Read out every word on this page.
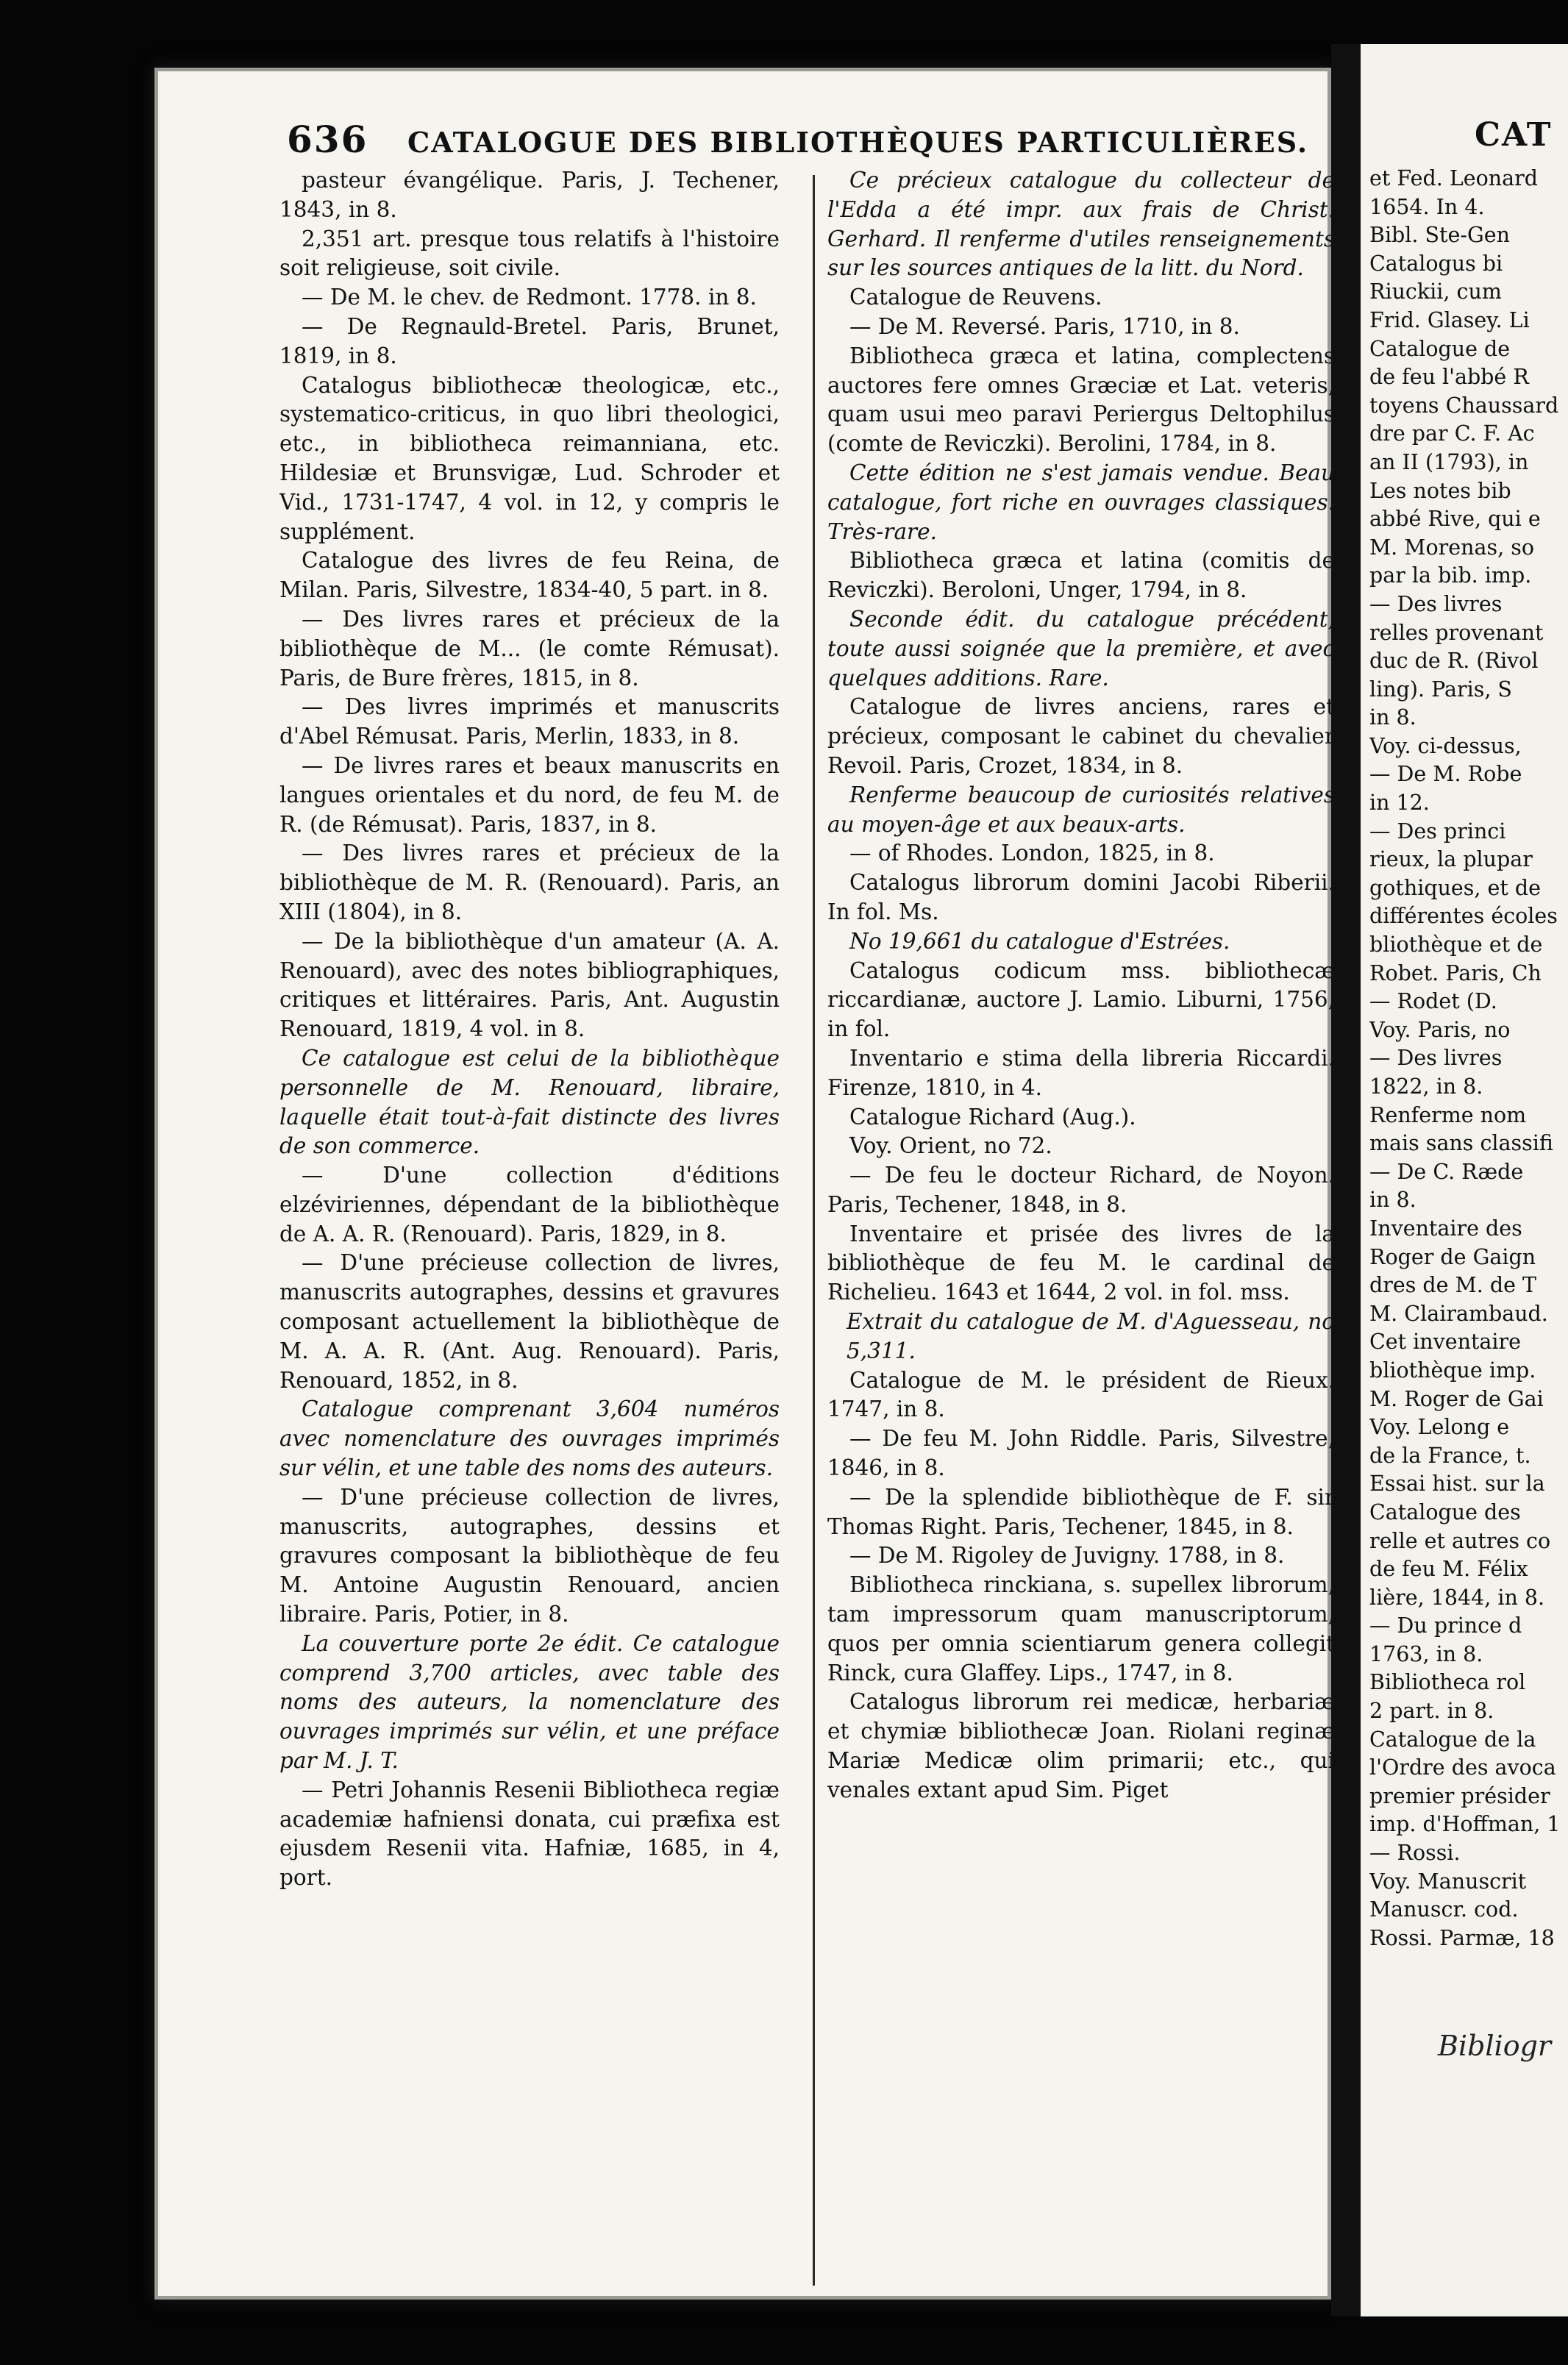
636 CATALOGUE DES BIBLIOTHÈQUES PARTICULIÈRES.

pasteur évangélique. Paris, J. Techener, 1843, in 8.

2,351 art. presque tous relatifs à l'histoire soit religieuse, soit civile.

— De M. le chev. de Redmont. 1778. in 8.

— De Regnauld-Bretel. Paris, Brunet, 1819, in 8.

Catalogus bibliothecæ theologicæ, etc., systematico-criticus, in quo libri theologici, etc., in bibliotheca reimanniana, etc. Hildesiæ et Brunsvigæ, Lud. Schroder et Vid., 1731-1747, 4 vol. in 12, y compris le supplément.

Catalogue des livres de feu Reina, de Milan. Paris, Silvestre, 1834-40, 5 part. in 8.

— Des livres rares et précieux de la bibliothèque de M... (le comte Rémusat). Paris, de Bure frères, 1815, in 8.

— Des livres imprimés et manuscrits d'Abel Rémusat. Paris, Merlin, 1833, in 8.

— De livres rares et beaux manuscrits en langues orientales et du nord, de feu M. de R. (de Rémusat). Paris, 1837, in 8.

— Des livres rares et précieux de la bibliothèque de M. R. (Renouard). Paris, an XIII (1804), in 8.

— De la bibliothèque d'un amateur (A. A. Renouard), avec des notes bibliographiques, critiques et littéraires. Paris, Ant. Augustin Renouard, 1819, 4 vol. in 8.

Ce catalogue est celui de la bibliothèque personnelle de M. Renouard, libraire, laquelle était tout-à-fait distincte des livres de son commerce.

— D'une collection d'éditions elzéviriennes, dépendant de la bibliothèque de A. A. R. (Renouard). Paris, 1829, in 8.

— D'une précieuse collection de livres, manuscrits autographes, dessins et gravures composant actuellement la bibliothèque de M. A. A. R. (Ant. Aug. Renouard). Paris, Renouard, 1852, in 8.

Catalogue comprenant 3,604 numéros avec nomenclature des ouvrages imprimés sur vélin, et une table des noms des auteurs.

— D'une précieuse collection de livres, manuscrits, autographes, dessins et gravures composant la bibliothèque de feu M. Antoine Augustin Renouard, ancien libraire. Paris, Potier, in 8.

La couverture porte 2e édit. Ce catalogue comprend 3,700 articles, avec table des noms des auteurs, la nomenclature des ouvrages imprimés sur vélin, et une préface par M. J. T.

— Petri Johannis Resenii Bibliotheca regiæ academiæ hafniensi donata, cui præfixa est ejusdem Resenii vita. Hafniæ, 1685, in 4, port.

Ce précieux catalogue du collecteur de l'Edda a été impr. aux frais de Christ. Gerhard. Il renferme d'utiles renseignements sur les sources antiques de la litt. du Nord.

Catalogue de Reuvens.

— De M. Reversé. Paris, 1710, in 8.

Bibliotheca græca et latina, complectens auctores fere omnes Græciæ et Lat. veteris, quam usui meo paravi Periergus Deltophilus (comte de Reviczki). Berolini, 1784, in 8.

Cette édition ne s'est jamais vendue. Beau catalogue, fort riche en ouvrages classiques. Très-rare.

Bibliotheca græca et latina (comitis de Reviczki). Beroloni, Unger, 1794, in 8.

Seconde édit. du catalogue précédent, toute aussi soignée que la première, et avec quelques additions. Rare.

Catalogue de livres anciens, rares et précieux, composant le cabinet du chevalier Revoil. Paris, Crozet, 1834, in 8.

Renferme beaucoup de curiosités relatives au moyen-âge et aux beaux-arts.

— of Rhodes. London, 1825, in 8.

Catalogus librorum domini Jacobi Riberii. In fol. Ms.

No 19,661 du catalogue d'Estrées.

Catalogus codicum mss. bibliothecæ riccardianæ, auctore J. Lamio. Liburni, 1756, in fol.

Inventario e stima della libreria Riccardi. Firenze, 1810, in 4.

Catalogue Richard (Aug.).

Voy. Orient, no 72.

— De feu le docteur Richard, de Noyon. Paris, Techener, 1848, in 8.

Inventaire et prisée des livres de la bibliothèque de feu M. le cardinal de Richelieu. 1643 et 1644, 2 vol. in fol. mss.

Extrait du catalogue de M. d'Aguesseau, no 5,311.

Catalogue de M. le président de Rieux. 1747, in 8.

— De feu M. John Riddle. Paris, Silvestre, 1846, in 8.

— De la splendide bibliothèque de F. sir Thomas Right. Paris, Techener, 1845, in 8.

— De M. Rigoley de Juvigny. 1788, in 8.

Bibliotheca rinckiana, s. supellex librorum, tam impressorum quam manuscriptorum, quos per omnia scientiarum genera collegit Rinck, cura Glaffey. Lips., 1747, in 8.

Catalogus librorum rei medicæ, herbariæ et chymiæ bibliothecæ Joan. Riolani reginæ Mariæ Medicæ olim primarii; etc., qui venales extant apud Sim. Piget

CAT

et Fed. Leonard

1654. In 4.

Bibl. Ste-Gen

Catalogus bi

Riuckii, cum

Frid. Glasey. Li

Catalogue de

de feu l'abbé R

toyens Chaussard

dre par C. F. Ac

an II (1793), in

Les notes bib

abbé Rive, qui e

M. Morenas, so

par la bib. imp.

— Des livres

relles provenant

duc de R. (Rivol

ling). Paris, S

in 8.

Voy. ci-dessus,

— De M. Robe

in 12.

— Des princi

rieux, la plupar

gothiques, et de

différentes écoles

bliothèque et de

Robet. Paris, Ch

— Rodet (D.

Voy. Paris, no

— Des livres

1822, in 8.

Renferme nom

mais sans classifi

— De C. Ræde

in 8.

Inventaire des

Roger de Gaign

dres de M. de T

M. Clairambaud.

Cet inventaire

bliothèque imp.

M. Roger de Gai

Voy. Lelong e

de la France, t.

Essai hist. sur la

Catalogue des

relle et autres co

de feu M. Félix

lière, 1844, in 8.

— Du prince d

1763, in 8.

Bibliotheca rol

2 part. in 8.

Catalogue de la

l'Ordre des avoca

premier présider

imp. d'Hoffman, 1

— Rossi.

Voy. Manuscrit

Manuscr. cod.

Rossi. Parmæ, 18

Bibliogr
